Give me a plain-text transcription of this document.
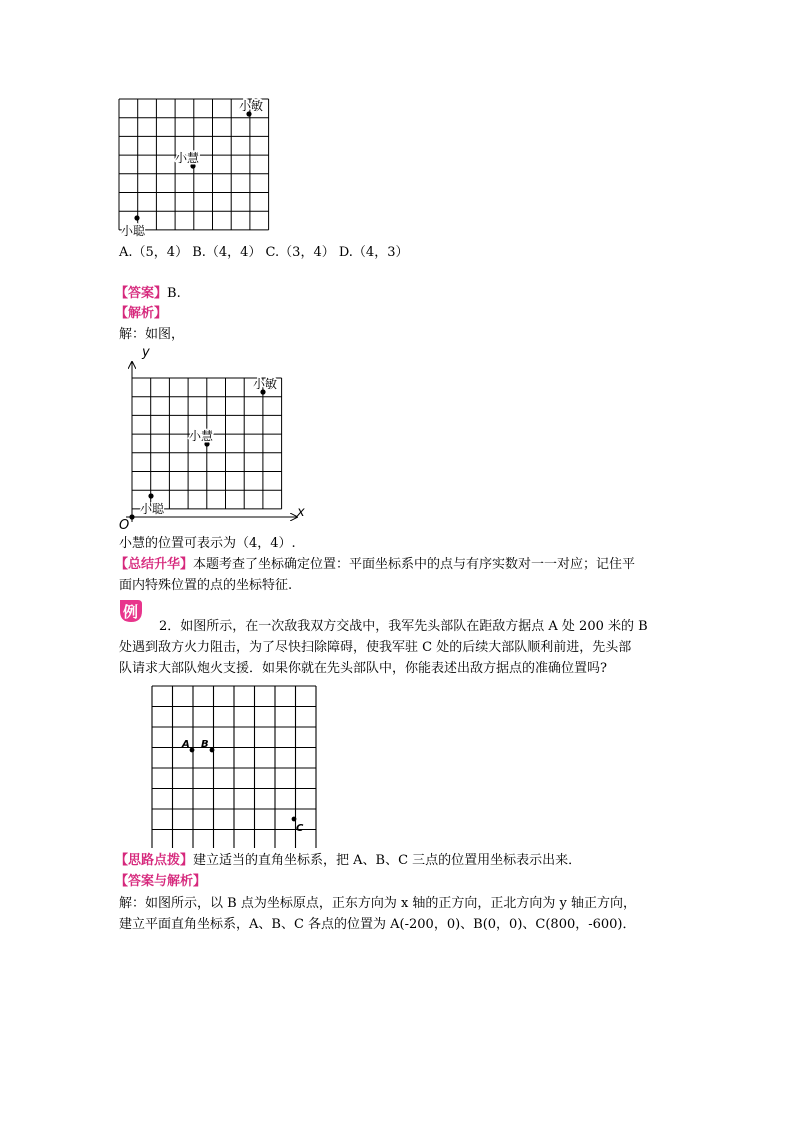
小敏
小慧
小聪
A.（5，4） B.（4，4） C.（3，4） D.（4，3）
【答案】B.
【解析】
解：如图，
y
x
O
小敏
小慧
小聪
小慧的位置可表示为（4，4）.
【总结升华】本题考查了坐标确定位置：平面坐标系中的点与有序实数对一一对应；记住平
面内特殊位置的点的坐标特征.
例
2．如图所示，在一次敌我双方交战中，我军先头部队在距敌方据点 A 处 200 米的 B
处遇到敌方火力阻击，为了尽快扫除障碍，使我军驻 C 处的后续大部队顺利前进，先头部
队请求大部队炮火支援．如果你就在先头部队中，你能表述出敌方据点的准确位置吗?
A B
C
【思路点拨】建立适当的直角坐标系，把 A、B、C 三点的位置用坐标表示出来．
【答案与解析】
解：如图所示，以 B 点为坐标原点，正东方向为 x 轴的正方向，正北方向为 y 轴正方向，
建立平面直角坐标系，A、B、C 各点的位置为 A(-200，0)、B(0，0)、C(800，-600)．
